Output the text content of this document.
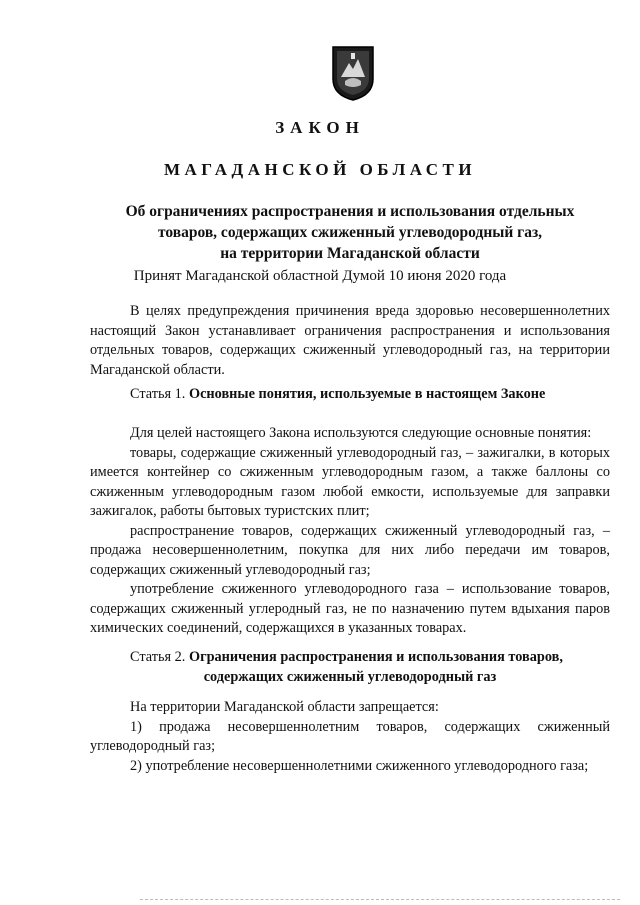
ЗАКОН
МАГАДАНСКОЙ ОБЛАСТИ
Об ограничениях распространения и использования отдельных
товаров, содержащих сжиженный углеводородный газ,
на территории Магаданской области
Принят Магаданской областной Думой 10 июня 2020 года

В целях предупреждения причинения вреда здоровью несовершеннолетних настоящий Закон устанавливает ограничения распространения и использования отдельных товаров, содержащих сжиженный углеводородный газ, на территории Магаданской области.

Статья 1. Основные понятия, используемые в настоящем Законе

Для целей настоящего Закона используются следующие основные понятия:

товары, содержащие сжиженный углеводородный газ, – зажигалки, в которых имеется контейнер со сжиженным углеводородным газом, а также баллоны со сжиженным углеводородным газом любой емкости, используемые для заправки зажигалок, работы бытовых туристских плит;

распространение товаров, содержащих сжиженный углеводородный газ, – продажа несовершеннолетним, покупка для них либо передачи им товаров, содержащих сжиженный углеводородный газ;

употребление сжиженного углеводородного газа – использование товаров, содержащих сжиженный углеродный газ, не по назначению путем вдыхания паров химических соединений, содержащихся в указанных товарах.

Статья 2. Ограничения распространения и использования товаров,
содержащих сжиженный углеводородный газ

На территории Магаданской области запрещается:

1) продажа несовершеннолетним товаров, содержащих сжиженный углеводородный газ;

2) употребление несовершеннолетними сжиженного углеводородного газа;
